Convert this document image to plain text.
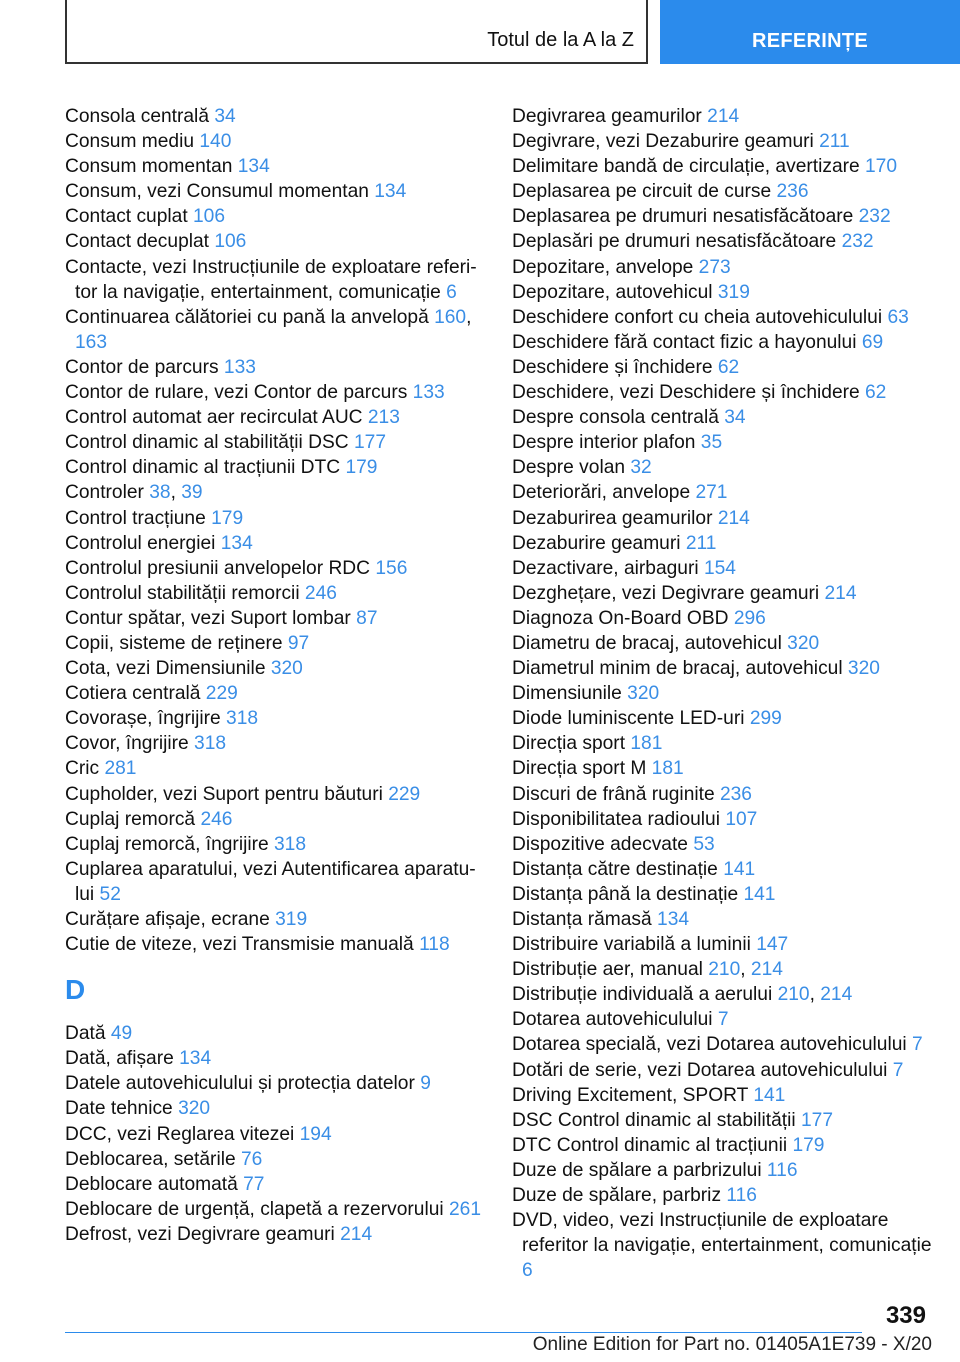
Totul de la A la Z	REFERINȚE
Consola centrală 34
Consum mediu 140
Consum momentan 134
Consum, vezi Consumul momentan 134
Contact cuplat 106
Contact decuplat 106
Contacte, vezi Instrucțiunile de exploatare referitor la navigație, entertainment, comunicație 6
Continuarea călătoriei cu pană la anvelopă 160, 163
Contor de parcurs 133
Contor de rulare, vezi Contor de parcurs 133
Control automat aer recirculat AUC 213
Control dinamic al stabilității DSC 177
Control dinamic al tracțiunii DTC 179
Controler 38, 39
Control tracțiune 179
Controlul energiei 134
Controlul presiunii anvelopelor RDC 156
Controlul stabilității remorcii 246
Contur spătar, vezi Suport lombar 87
Copii, sisteme de reținere 97
Cota, vezi Dimensiunile 320
Cotiera centrală 229
Covorașe, îngrijire 318
Covor, îngrijire 318
Cric 281
Cupholder, vezi Suport pentru băuturi 229
Cuplaj remorcă 246
Cuplaj remorcă, îngrijire 318
Cuplarea aparatului, vezi Autentificarea aparatului 52
Curățare afișaje, ecrane 319
Cutie de viteze, vezi Transmisie manuală 118
D
Dată 49
Dată, afișare 134
Datele autovehiculului și protecția datelor 9
Date tehnice 320
DCC, vezi Reglarea vitezei 194
Deblocarea, setările 76
Deblocare automată 77
Deblocare de urgență, clapetă a rezervorului 261
Defrost, vezi Degivrare geamuri 214
Degivrarea geamurilor 214
Degivrare, vezi Dezaburire geamuri 211
Delimitare bandă de circulație, avertizare 170
Deplasarea pe circuit de curse 236
Deplasarea pe drumuri nesatisfăcătoare 232
Deplasări pe drumuri nesatisfăcătoare 232
Depozitare, anvelope 273
Depozitare, autovehicul 319
Deschidere confort cu cheia autovehiculului 63
Deschidere fără contact fizic a hayonului 69
Deschidere și închidere 62
Deschidere, vezi Deschidere și închidere 62
Despre consola centrală 34
Despre interior plafon 35
Despre volan 32
Deteriorări, anvelope 271
Dezaburirea geamurilor 214
Dezaburire geamuri 211
Dezactivare, airbaguri 154
Dezghețare, vezi Degivrare geamuri 214
Diagnoza On-Board OBD 296
Diametru de bracaj, autovehicul 320
Diametrul minim de bracaj, autovehicul 320
Dimensiunile 320
Diode luminiscente LED-uri 299
Direcția sport 181
Direcția sport M 181
Discuri de frână ruginite 236
Disponibilitatea radioului 107
Dispozitive adecvate 53
Distanța către destinație 141
Distanța până la destinație 141
Distanța rămasă 134
Distribuire variabilă a luminii 147
Distribuție aer, manual 210, 214
Distribuție individuală a aerului 210, 214
Dotarea autovehiculului 7
Dotarea specială, vezi Dotarea autovehiculului 7
Dotări de serie, vezi Dotarea autovehiculului 7
Driving Excitement, SPORT 141
DSC Control dinamic al stabilității 177
DTC Control dinamic al tracțiunii 179
Duze de spălare a parbrizului 116
Duze de spălare, parbriz 116
DVD, video, vezi Instrucțiunile de exploatare referitor la navigație, entertainment, comunicație 6
339
Online Edition for Part no. 01405A1E739 - X/20
